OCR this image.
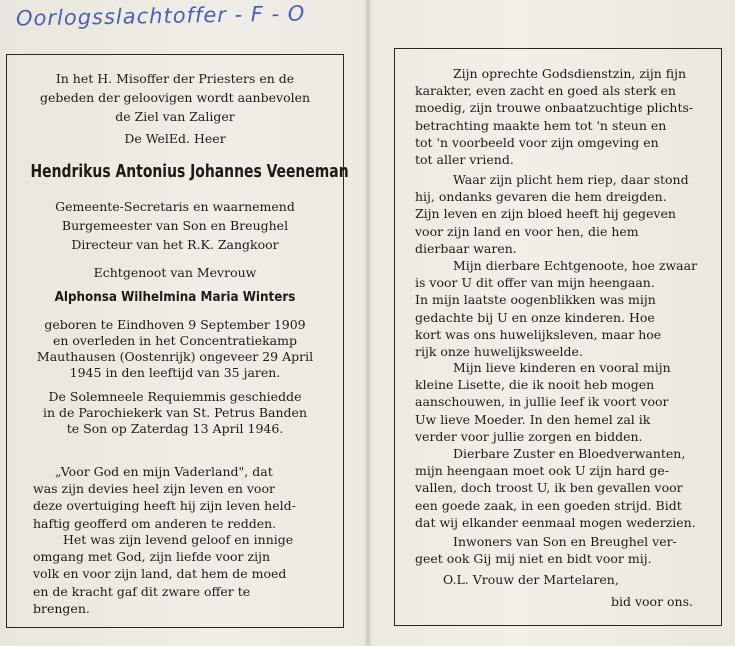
Oorlogsslachtoffer - F - O
In het H. Misoffer der Priesters en de
gebeden der geloovigen wordt aanbevolen
de Ziel van Zaliger
De WelEd. Heer
Hendrikus Antonius Johannes Veeneman
Gemeente-Secretaris en waarnemend
Burgemeester van Son en Breughel
Directeur van het R.K. Zangkoor
Echtgenoot van Mevrouw
Alphonsa Wilhelmina Maria Winters
geboren te Eindhoven 9 September 1909
en overleden in het Concentratiekamp
Mauthausen (Oostenrijk) ongeveer 29 April
1945 in den leeftijd van 35 jaren.
De Solemneele Requiemmis geschiedde
in de Parochiekerk van St. Petrus Banden
te Son op Zaterdag 13 April 1946.
„Voor God en mijn Vaderland", dat
was zijn devies heel zijn leven en voor
deze overtuiging heeft hij zijn leven held-
haftig geofferd om anderen te redden.
Het was zijn levend geloof en innige
omgang met God, zijn liefde voor zijn
volk en voor zijn land, dat hem de moed
en de kracht gaf dit zware offer te
brengen.
Zijn oprechte Godsdienstzin, zijn fijn
karakter, even zacht en goed als sterk en
moedig, zijn trouwe onbaatzuchtige plichts-
betrachting maakte hem tot 'n steun en
tot 'n voorbeeld voor zijn omgeving en
tot aller vriend.
Waar zijn plicht hem riep, daar stond
hij, ondanks gevaren die hem dreigden.
Zijn leven en zijn bloed heeft hij gegeven
voor zijn land en voor hen, die hem
dierbaar waren.
Mijn dierbare Echtgenoote, hoe zwaar
is voor U dit offer van mijn heengaan.
In mijn laatste oogenblikken was mijn
gedachte bij U en onze kinderen. Hoe
kort was ons huwelijksleven, maar hoe
rijk onze huwelijksweelde.
Mijn lieve kinderen en vooral mijn
kleine Lisette, die ik nooit heb mogen
aanschouwen, in jullie leef ik voort voor
Uw lieve Moeder. In den hemel zal ik
verder voor jullie zorgen en bidden.
Dierbare Zuster en Bloedverwanten,
mijn heengaan moet ook U zijn hard ge-
vallen, doch troost U, ik ben gevallen voor
een goede zaak, in een goeden strijd. Bidt
dat wij elkander eenmaal mogen wederzien.
Inwoners van Son en Breughel ver-
geet ook Gij mij niet en bidt voor mij.
O.L. Vrouw der Martelaren,
bid voor ons.
